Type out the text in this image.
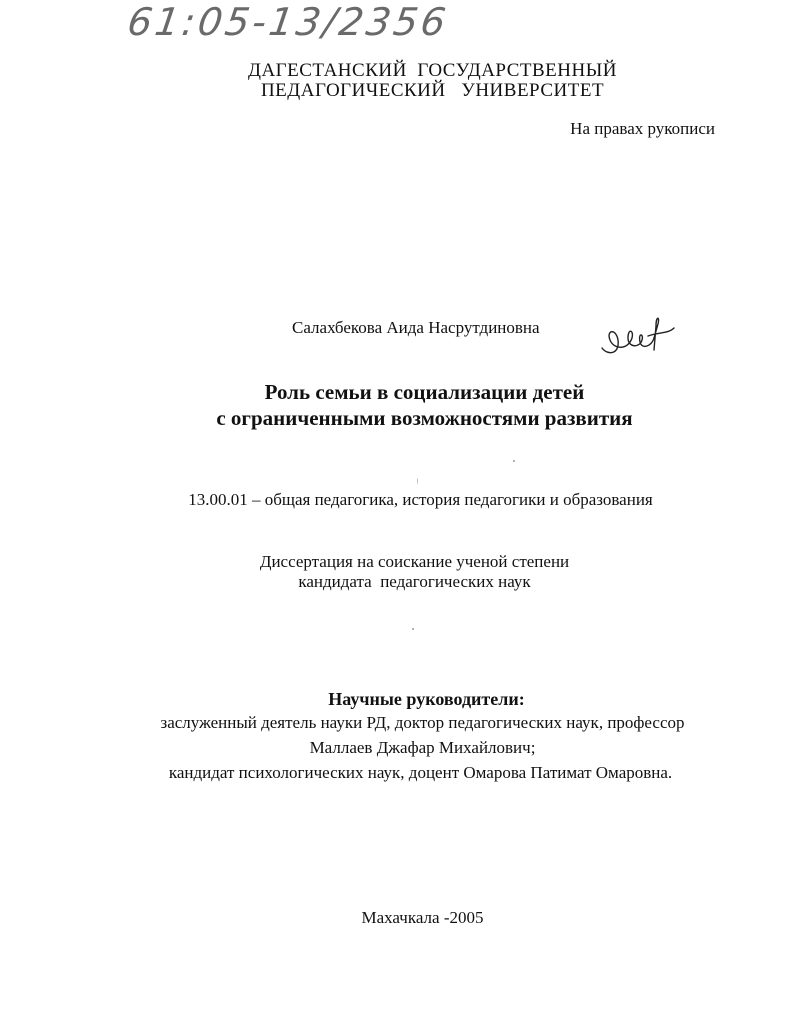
61:05-13/2356
ДАГЕСТАНСКИЙ  ГОСУДАРСТВЕННЫЙ
ПЕДАГОГИЧЕСКИЙ   УНИВЕРСИТЕТ
На правах рукописи
Салахбекова Аида Насрутдиновна
Роль семьи в социализации детей
с ограниченными возможностями развития
13.00.01 – общая педагогика, история педагогики и образования
Диссертация на соискание ученой степени
кандидата  педагогических наук
Научные руководители:
заслуженный деятель науки РД, доктор педагогических наук, профессор
Маллаев Джафар Михайлович;
кандидат психологических наук, доцент Омарова Патимат Омаровна.
Махачкала -2005
